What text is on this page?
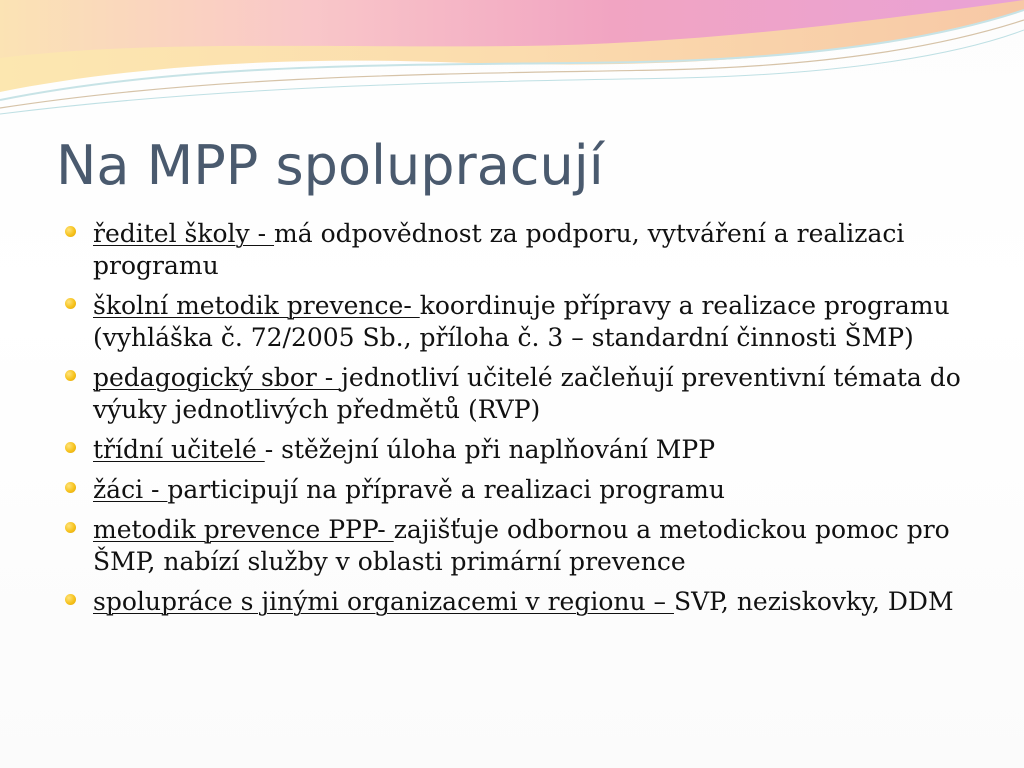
Na MPP spolupracují
ředitel školy - má odpovědnost za podporu, vytváření a realizaci programu
školní metodik prevence- koordinuje přípravy a realizace programu (vyhláška č. 72/2005 Sb., příloha č. 3 – standardní činnosti ŠMP)
pedagogický sbor - jednotliví učitelé začleňují preventivní témata do výuky jednotlivých předmětů (RVP)
třídní učitelé - stěžejní úloha při naplňování MPP
žáci - participují na přípravě a realizaci programu
metodik prevence PPP- zajišťuje odbornou a metodickou pomoc pro ŠMP, nabízí služby v oblasti primární prevence
spolupráce s jinými organizacemi v regionu – SVP, neziskovky, DDM
